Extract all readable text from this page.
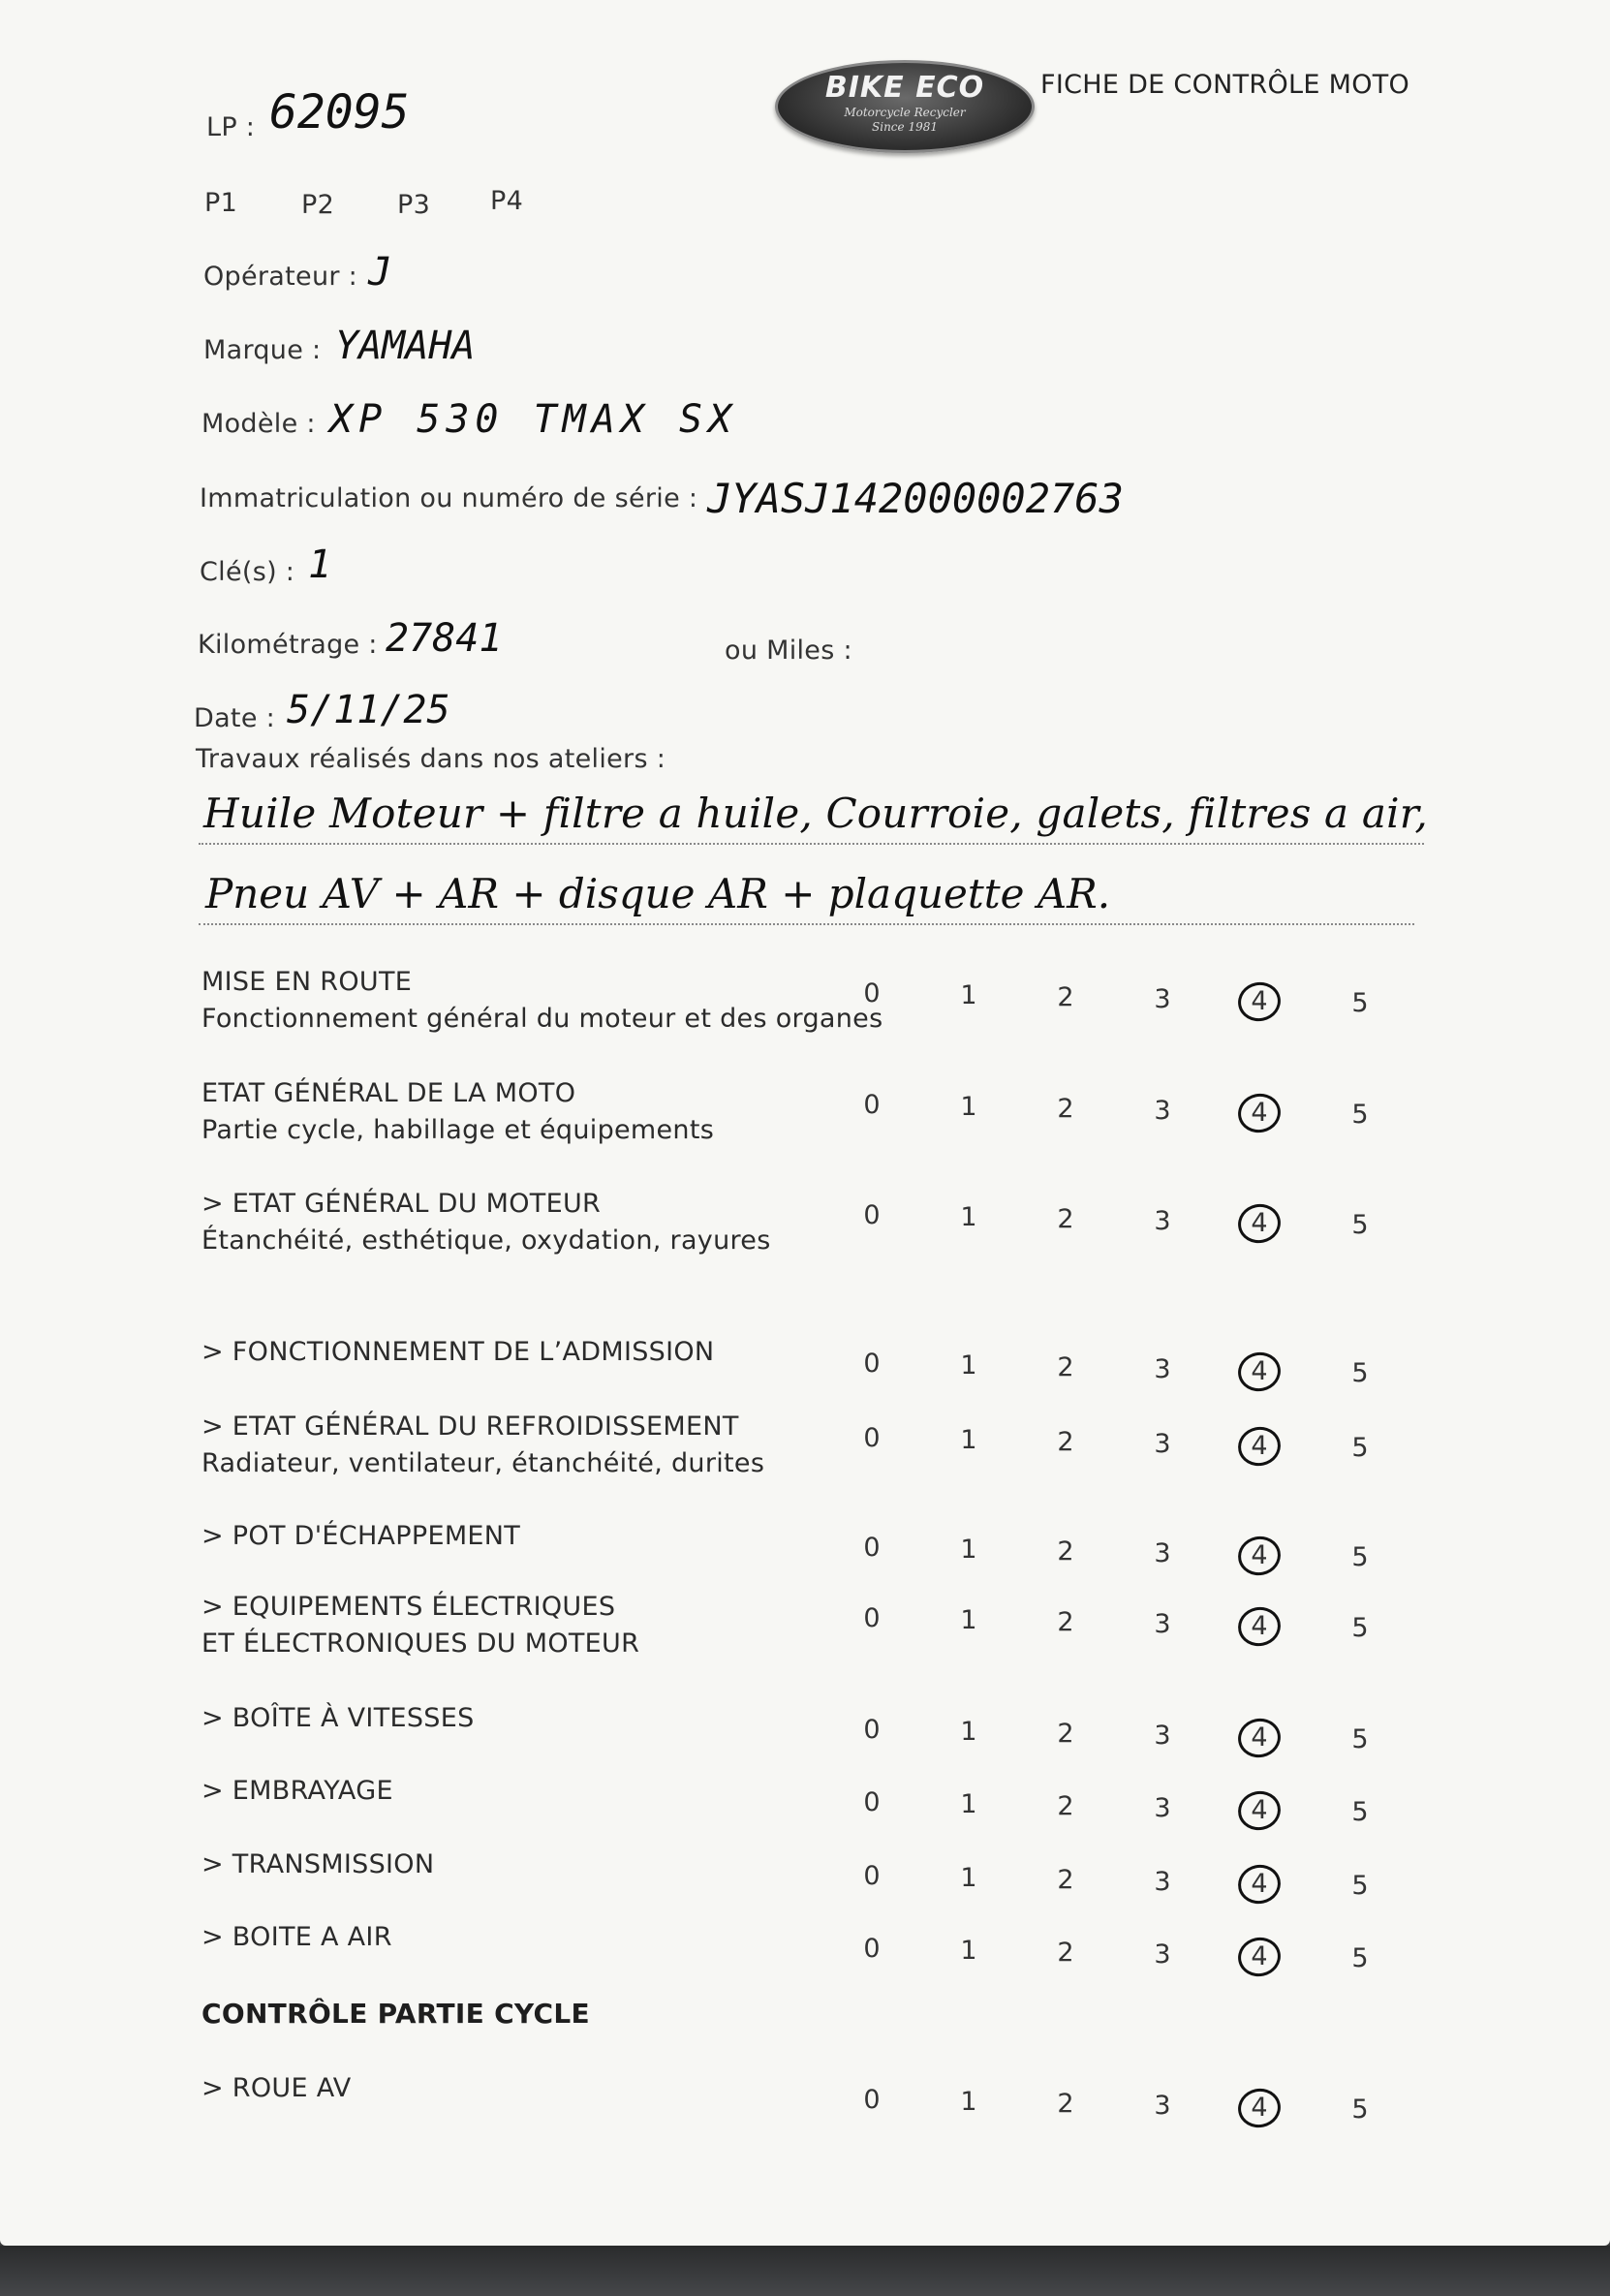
LP : 62095
P1 P2 P3 P4
BIKE ECO
Motorcycle Recycler
Since 1981
FICHE DE CONTRÔLE MOTO
Opérateur : J
Marque : YAMAHA
Modèle : XP 530 TMAX SX
Immatriculation ou numéro de série : JYASJ142000002763
Clé(s) : 1
Kilométrage : 27841	ou Miles :
Date : 5/11/25
Travaux réalisés dans nos ateliers :
Huile Moteur + filtre a huile, Courroie, galets, filtres a air,
Pneu AV + AR + disque AR + plaquette AR.
MISE EN ROUTE
Fonctionnement général du moteur et des organes
0	1	2	3	4	5
ETAT GÉNÉRAL DE LA MOTO
Partie cycle, habillage et équipements
0	1	2	3	4	5
> ETAT GÉNÉRAL DU MOTEUR
Étanchéité, esthétique, oxydation, rayures
0	1	2	3	4	5
> FONCTIONNEMENT DE L’ADMISSION	0	1	2	3	4	5
> ETAT GÉNÉRAL DU REFROIDISSEMENT
Radiateur, ventilateur, étanchéité, durites
0	1	2	3	4	5
> POT D'ÉCHAPPEMENT	0	1	2	3	4	5
> EQUIPEMENTS ÉLECTRIQUES
ET ÉLECTRONIQUES DU MOTEUR
0	1	2	3	4	5
> BOÎTE À VITESSES	0	1	2	3	4	5
> EMBRAYAGE	0	1	2	3	4	5
> TRANSMISSION	0	1	2	3	4	5
> BOITE A AIR	0	1	2	3	4	5
CONTRÔLE PARTIE CYCLE
> ROUE AV	0	1	2	3	4	5
